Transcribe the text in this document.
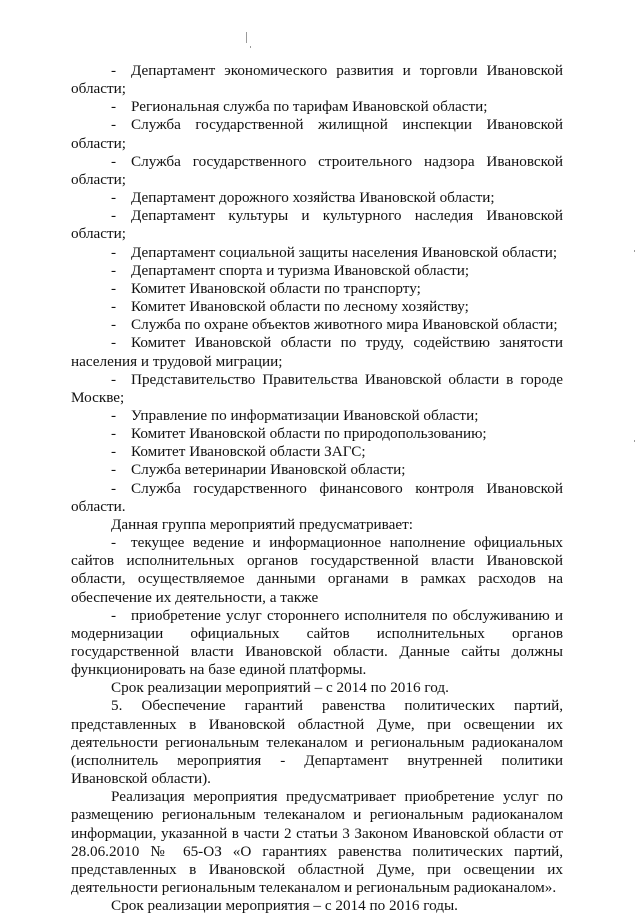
- Департамент экономического развития и торговли Ивановской области;
- Региональная служба по тарифам Ивановской области;
- Служба государственной жилищной инспекции Ивановской области;
- Служба государственного строительного надзора Ивановской области;
- Департамент дорожного хозяйства Ивановской области;
- Департамент культуры и культурного наследия Ивановской области;
- Департамент социальной защиты населения Ивановской области;
- Департамент спорта и туризма Ивановской области;
- Комитет Ивановской области по транспорту;
- Комитет Ивановской области по лесному хозяйству;
- Служба по охране объектов животного мира Ивановской области;
- Комитет Ивановской области по труду, содействию занятости населения и трудовой миграции;
- Представительство Правительства Ивановской области в городе Москве;
- Управление по информатизации Ивановской области;
- Комитет Ивановской области по природопользованию;
- Комитет Ивановской области ЗАГС;
- Служба ветеринарии Ивановской области;
- Служба государственного финансового контроля Ивановской области.

Данная группа мероприятий предусматривает:

- текущее ведение и информационное наполнение официальных сайтов исполнительных органов государственной власти Ивановской области, осуществляемое данными органами в рамках расходов на обеспечение их деятельности, а также
- приобретение услуг стороннего исполнителя по обслуживанию и модернизации официальных сайтов исполнительных органов государственной власти Ивановской области. Данные сайты должны функционировать на базе единой платформы.

Срок реализации мероприятий – с 2014 по 2016 год.

5. Обеспечение гарантий равенства политических партий, представленных в Ивановской областной Думе, при освещении их деятельности региональным телеканалом и региональным радиоканалом (исполнитель мероприятия - Департамент внутренней политики Ивановской области).

Реализация мероприятия предусматривает приобретение услуг по размещению региональным телеканалом и региональным радиоканалом информации, указанной в части 2 статьи 3 Законом Ивановской области от 28.06.2010 № 65-ОЗ «О гарантиях равенства политических партий, представленных в Ивановской областной Думе, при освещении их деятельности региональным телеканалом и региональным радиоканалом».

Срок реализации мероприятия – с 2014 по 2016 годы.
